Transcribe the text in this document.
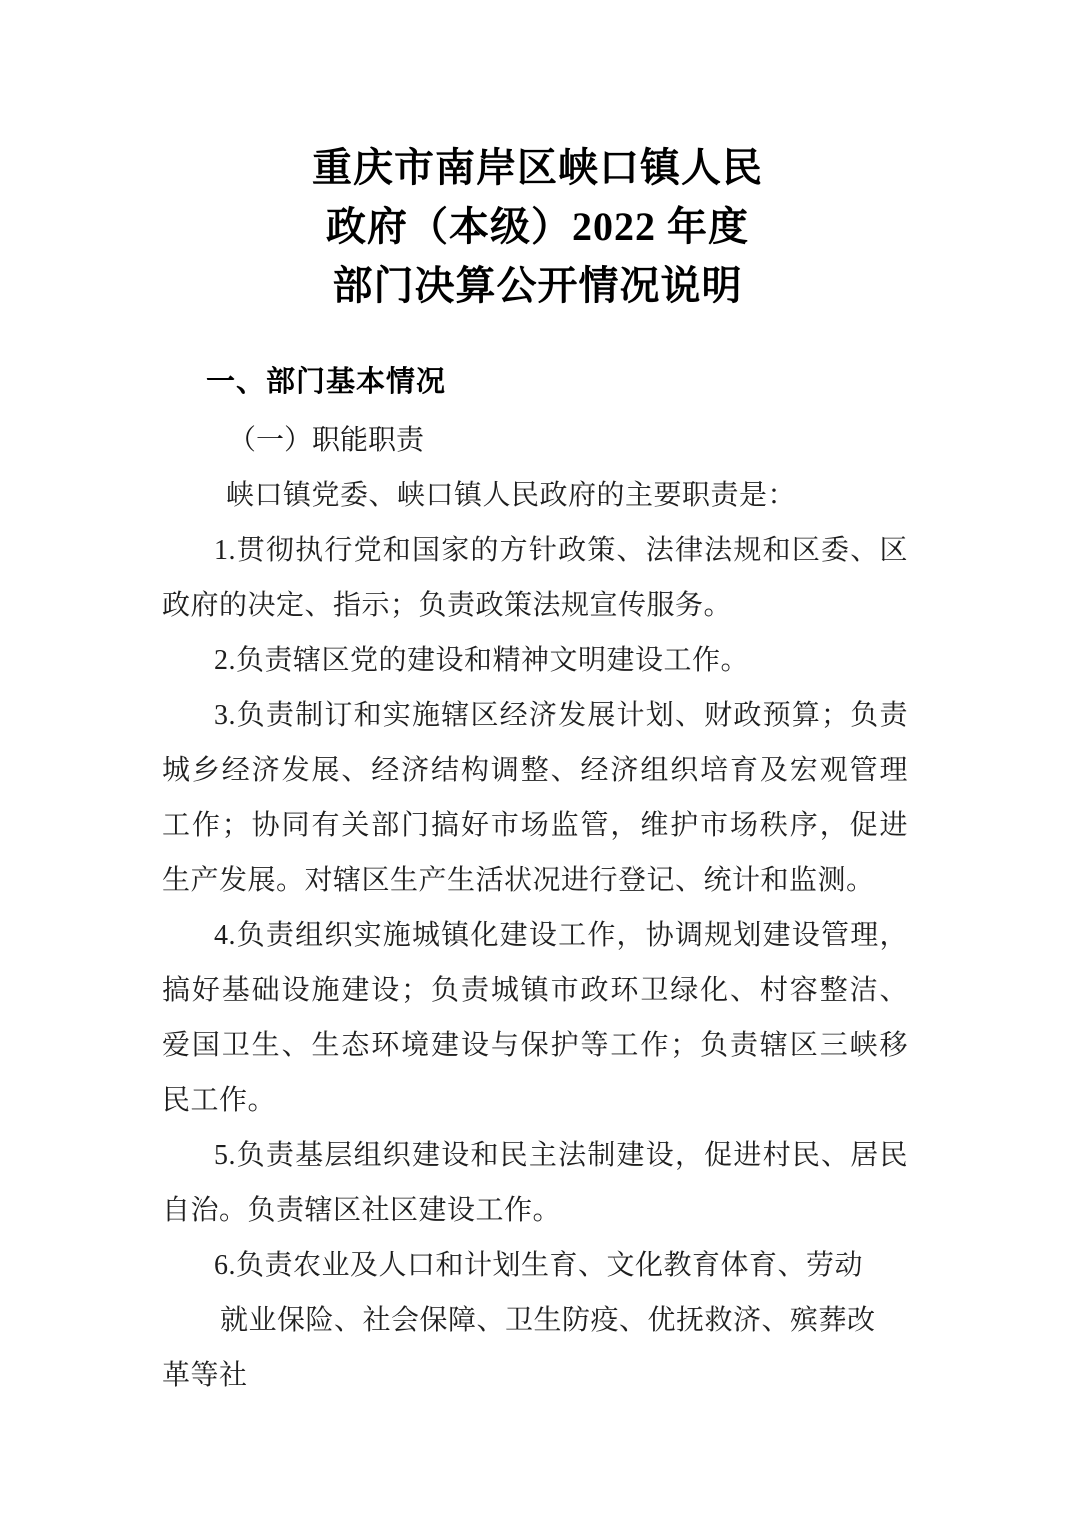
重庆市南岸区峡口镇人民
政府（本级）2022 年度
部门决算公开情况说明
一、部门基本情况
（一）职能职责
峡口镇党委、峡口镇人民政府的主要职责是：
1.贯彻执行党和国家的方针政策、法律法规和区委、区
政府的决定、指示；负责政策法规宣传服务。
2.负责辖区党的建设和精神文明建设工作。
3.负责制订和实施辖区经济发展计划、财政预算；负责
城乡经济发展、经济结构调整、经济组织培育及宏观管理
工作；协同有关部门搞好市场监管，维护市场秩序，促进
生产发展。对辖区生产生活状况进行登记、统计和监测。
4.负责组织实施城镇化建设工作，协调规划建设管理，
搞好基础设施建设；负责城镇市政环卫绿化、村容整洁、
爱国卫生、生态环境建设与保护等工作；负责辖区三峡移
民工作。
5.负责基层组织建设和民主法制建设，促进村民、居民
自治。负责辖区社区建设工作。
6.负责农业及人口和计划生育、文化教育体育、劳动
就业保险、社会保障、卫生防疫、优抚救济、殡葬改
革等社
